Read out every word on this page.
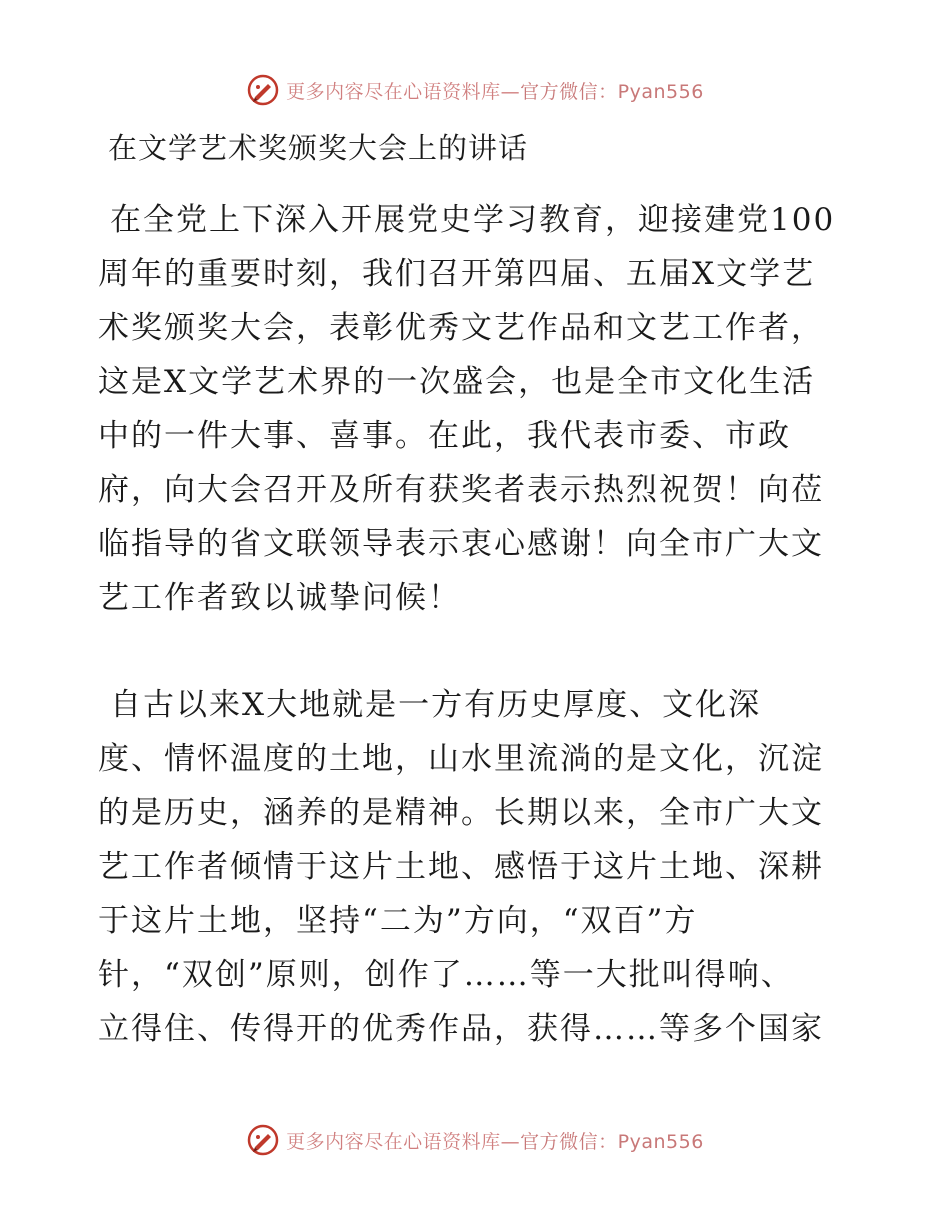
更多内容尽在心语资料库—官方微信：Pyan556
在文学艺术奖颁奖大会上的讲话
在全党上下深入开展党史学习教育，迎接建党100
周年的重要时刻，我们召开第四届、五届X文学艺
术奖颁奖大会，表彰优秀文艺作品和文艺工作者，
这是X文学艺术界的一次盛会，也是全市文化生活
中的一件大事、喜事。在此，我代表市委、市政
府，向大会召开及所有获奖者表示热烈祝贺！向莅
临指导的省文联领导表示衷心感谢！向全市广大文
艺工作者致以诚挚问候！
自古以来X大地就是一方有历史厚度、文化深
度、情怀温度的土地，山水里流淌的是文化，沉淀
的是历史，涵养的是精神。长期以来，全市广大文
艺工作者倾情于这片土地、感悟于这片土地、深耕
于这片土地，坚持“二为”方向，“双百”方
针，“双创”原则，创作了……等一大批叫得响、
立得住、传得开的优秀作品，获得……等多个国家
更多内容尽在心语资料库—官方微信：Pyan556
